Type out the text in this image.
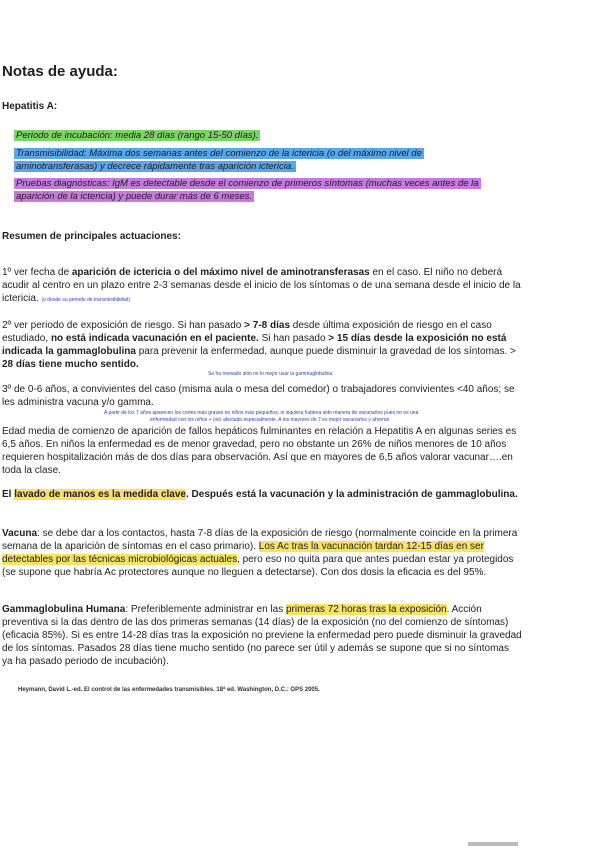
Notas de ayuda:
Hepatitis A:
Periodo de incubación: media 28 días (rango 15-50 días).
Transmisibilidad: Máxima dos semanas antes del comienzo de la ictericia (o del máximo nivel de aminotransferasas) y decrece rápidamente tras aparición ictericia.
Pruebas diagnósticas: IgM es detectable desde el comienzo de primeros síntomas (muchas veces antes de la aparición de la ictericia) y puede durar más de 6 meses.
Resumen de principales actuaciones:
1º ver fecha de aparición de ictericia o del máximo nivel de aminotransferasas en el caso. El niño no deberá acudir al centro en un plazo entre 2-3 semanas desde el inicio de los síntomas o de una semana desde el inicio de la ictericia. (o desde su periodo de transmisibilidad)
2º ver periodo de exposición de riesgo. Si han pasado > 7-8 días desde última exposición de riesgo en el caso estudiado, no está indicada vacunación en el paciente. Si han pasado > 15 días desde la exposición no está indicada la gammaglobulina para prevenir la enfermedad, aunque puede disminuir la gravedad de los síntomas. > 28 días tiene mucho sentido.
Se ha revisado sitio no lo mejor usar la gammaglobulina
3º de 0-6 años, a convivientes del caso (misma aula o mesa del comedor) o trabajadores convivientes <40 años; se les administra vacuna y/o gamma.
A partir de los 7 años aparecen los cortes más graves en niños más pequeños, ni siquiera hubiera sido manera de vacunarlos pues no es una
enfermedad con los niños + (ve) afectado especialmente. A los mayores de 7 es mejor vacunarlos y ahorran
Edad media de comienzo de aparición de fallos hepáticos fulminantes en relación a Hepatitis A en algunas series es 6,5 años. En niños la enfermedad es de menor gravedad, pero no obstante un 26% de niños menores de 10 años requieren hospitalización más de dos días para observación. Así que en mayores de 6,5 años valorar vacunar….en toda la clase.
El lavado de manos es la medida clave. Después está la vacunación y la administración de gammaglobulina.
Vacuna: se debe dar a los contactos, hasta 7-8 días de la exposición de riesgo (normalmente coincide en la primera semana de la aparición de síntomas en el caso primario). Los Ac tras la vacunación tardan 12-15 días en ser detectables por las técnicas microbiológicas actuales, pero eso no quita para que antes puedan estar ya protegidos (se supone que habría Ac protectores aunque no lleguen a detectarse). Con dos dosis la eficacia es del 95%.
Gammaglobulina Humana: Preferiblemente administrar en las primeras 72 horas tras la exposición. Acción preventiva si la das dentro de las dos primeras semanas (14 días) de la exposición (no del comienzo de síntomas) (eficacia 85%). Si es entre 14-28 días tras la exposición no previene la enfermedad pero puede disminuir la gravedad de los síntomas. Pasados 28 días tiene mucho sentido (no parece ser útil y además se supone que si no síntomas ya ha pasado periodo de incubación).
Heymann, David L.-ed. El control de las enfermedades transmisibles. 18ª ed. Washington, D.C.: OPS 2005.
